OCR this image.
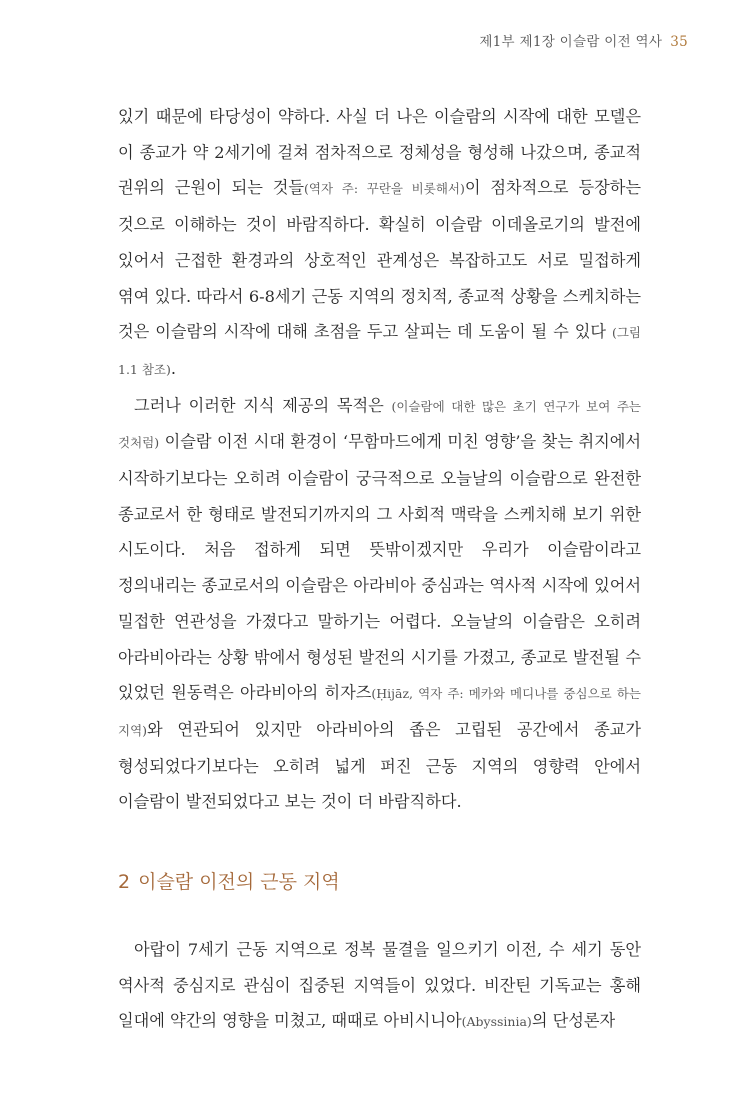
제1부 제1장 이슬람 이전 역사 35

있기 때문에 타당성이 약하다. 사실 더 나은 이슬람의 시작에 대한 모델은 이 종교가 약 2세기에 걸쳐 점차적으로 정체성을 형성해 나갔으며, 종교적 권위의 근원이 되는 것들(역자 주: 꾸란을 비롯해서)이 점차적으로 등장하는 것으로 이해하는 것이 바람직하다. 확실히 이슬람 이데올로기의 발전에 있어서 근접한 환경과의 상호적인 관계성은 복잡하고도 서로 밀접하게 엮여 있다. 따라서 6-8세기 근동 지역의 정치적, 종교적 상황을 스케치하는 것은 이슬람의 시작에 대해 초점을 두고 살피는 데 도움이 될 수 있다 (그림 1.1 참조).

그러나 이러한 지식 제공의 목적은 (이슬람에 대한 많은 초기 연구가 보여 주는 것처럼) 이슬람 이전 시대 환경이 ‘무함마드에게 미친 영향’을 찾는 취지에서 시작하기보다는 오히려 이슬람이 궁극적으로 오늘날의 이슬람으로 완전한 종교로서 한 형태로 발전되기까지의 그 사회적 맥락을 스케치해 보기 위한 시도이다. 처음 접하게 되면 뜻밖이겠지만 우리가 이슬람이라고 정의내리는 종교로서의 이슬람은 아라비아 중심과는 역사적 시작에 있어서 밀접한 연관성을 가졌다고 말하기는 어렵다. 오늘날의 이슬람은 오히려 아라비아라는 상황 밖에서 형성된 발전의 시기를 가졌고, 종교로 발전될 수 있었던 원동력은 아라비아의 히자즈(Ḥijāz, 역자 주: 메카와 메디나를 중심으로 하는 지역)와 연관되어 있지만 아라비아의 좁은 고립된 공간에서 종교가 형성되었다기보다는 오히려 넓게 퍼진 근동 지역의 영향력 안에서 이슬람이 발전되었다고 보는 것이 더 바람직하다.

2 이슬람 이전의 근동 지역

아랍이 7세기 근동 지역으로 정복 물결을 일으키기 이전, 수 세기 동안 역사적 중심지로 관심이 집중된 지역들이 있었다. 비잔틴 기독교는 홍해 일대에 약간의 영향을 미쳤고, 때때로 아비시니아(Abyssinia)의 단성론자
